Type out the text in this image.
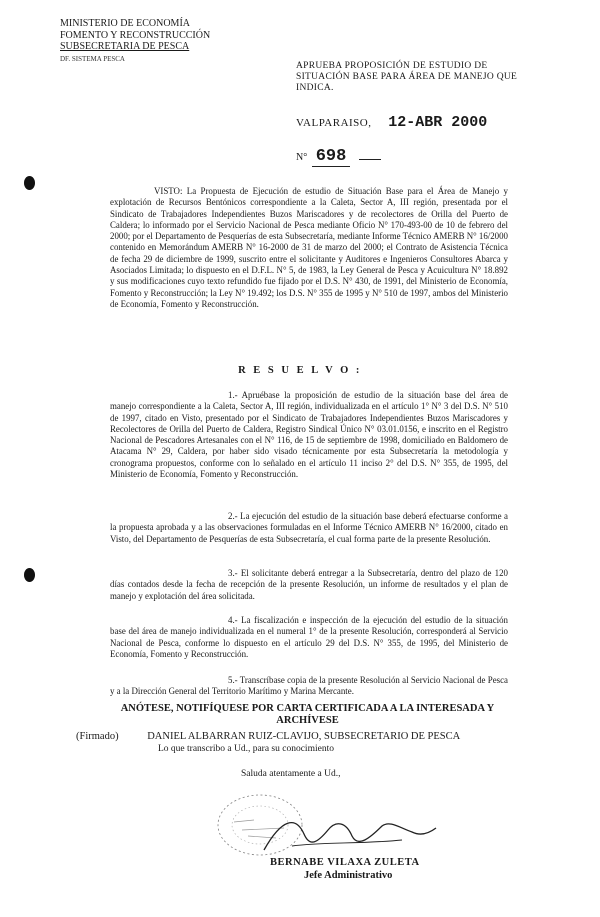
MINISTERIO DE ECONOMÍA
FOMENTO Y RECONSTRUCCIÓN
SUBSECRETARIA DE PESCA
DF. SISTEMA PESCA
APRUEBA PROPOSICIÓN DE ESTUDIO DE SITUACIÓN BASE PARA ÁREA DE MANEJO QUE INDICA.
VALPARAISO, 12-ABR 2000
N° 698
VISTO: La Propuesta de Ejecución de estudio de Situación Base para el Área de Manejo y explotación de Recursos Bentónicos correspondiente a la Caleta, Sector A, III región, presentada por el Sindicato de Trabajadores Independientes Buzos Mariscadores y de recolectores de Orilla del Puerto de Caldera; lo informado por el Servicio Nacional de Pesca mediante Oficio N° 170-493-00 de 10 de febrero del 2000; por el Departamento de Pesquerías de esta Subsecretaría, mediante Informe Técnico AMERB N° 16/2000 contenido en Memorándum AMERB N° 16-2000 de 31 de marzo del 2000; el Contrato de Asistencia Técnica de fecha 29 de diciembre de 1999, suscrito entre el solicitante y Auditores e Ingenieros Consultores Abarca y Asociados Limitada; lo dispuesto en el D.F.L. N° 5, de 1983, la Ley General de Pesca y Acuicultura N° 18.892 y sus modificaciones cuyo texto refundido fue fijado por el D.S. N° 430, de 1991, del Ministerio de Economía, Fomento y Reconstrucción; la Ley N° 19.492; los D.S. N° 355 de 1995 y N° 510 de 1997, ambos del Ministerio de Economía, Fomento y Reconstrucción.
R E S U E L V O :
1.- Apruébase la proposición de estudio de la situación base del área de manejo correspondiente a la Caleta, Sector A, III región, individualizada en el artículo 1° N° 3 del D.S. N° 510 de 1997, citado en Visto, presentado por el Sindicato de Trabajadores Independientes Buzos Mariscadores y Recolectores de Orilla del Puerto de Caldera, Registro Sindical Único N° 03.01.0156, e inscrito en el Registro Nacional de Pescadores Artesanales con el N° 116, de 15 de septiembre de 1998, domiciliado en Baldomero de Atacama N° 29, Caldera, por haber sido visado técnicamente por esta Subsecretaría la metodología y cronograma propuestos, conforme con lo señalado en el artículo 11 inciso 2° del D.S. N° 355, de 1995, del Ministerio de Economía, Fomento y Reconstrucción.
2.- La ejecución del estudio de la situación base deberá efectuarse conforme a la propuesta aprobada y a las observaciones formuladas en el Informe Técnico AMERB N° 16/2000, citado en Visto, del Departamento de Pesquerías de esta Subsecretaría, el cual forma parte de la presente Resolución.
3.- El solicitante deberá entregar a la Subsecretaría, dentro del plazo de 120 días contados desde la fecha de recepción de la presente Resolución, un informe de resultados y el plan de manejo y explotación del área solicitada.
4.- La fiscalización e inspección de la ejecución del estudio de la situación base del área de manejo individualizada en el numeral 1° de la presente Resolución, corresponderá al Servicio Nacional de Pesca, conforme lo dispuesto en el artículo 29 del D.S. N° 355, de 1995, del Ministerio de Economía, Fomento y Reconstrucción.
5.- Transcríbase copia de la presente Resolución al Servicio Nacional de Pesca y a la Dirección General del Territorio Marítimo y Marina Mercante.
ANÓTESE, NOTIFÍQUESE POR CARTA CERTIFICADA A LA INTERESADA Y ARCHÍVESE
(Firmado)	DANIEL ALBARRAN RUIZ-CLAVIJO, SUBSECRETARIO DE PESCA
Lo que transcribo a Ud., para su conocimiento
Saluda atentamente a Ud.,
BERNABE VILAXA ZULETA
Jefe Administrativo
